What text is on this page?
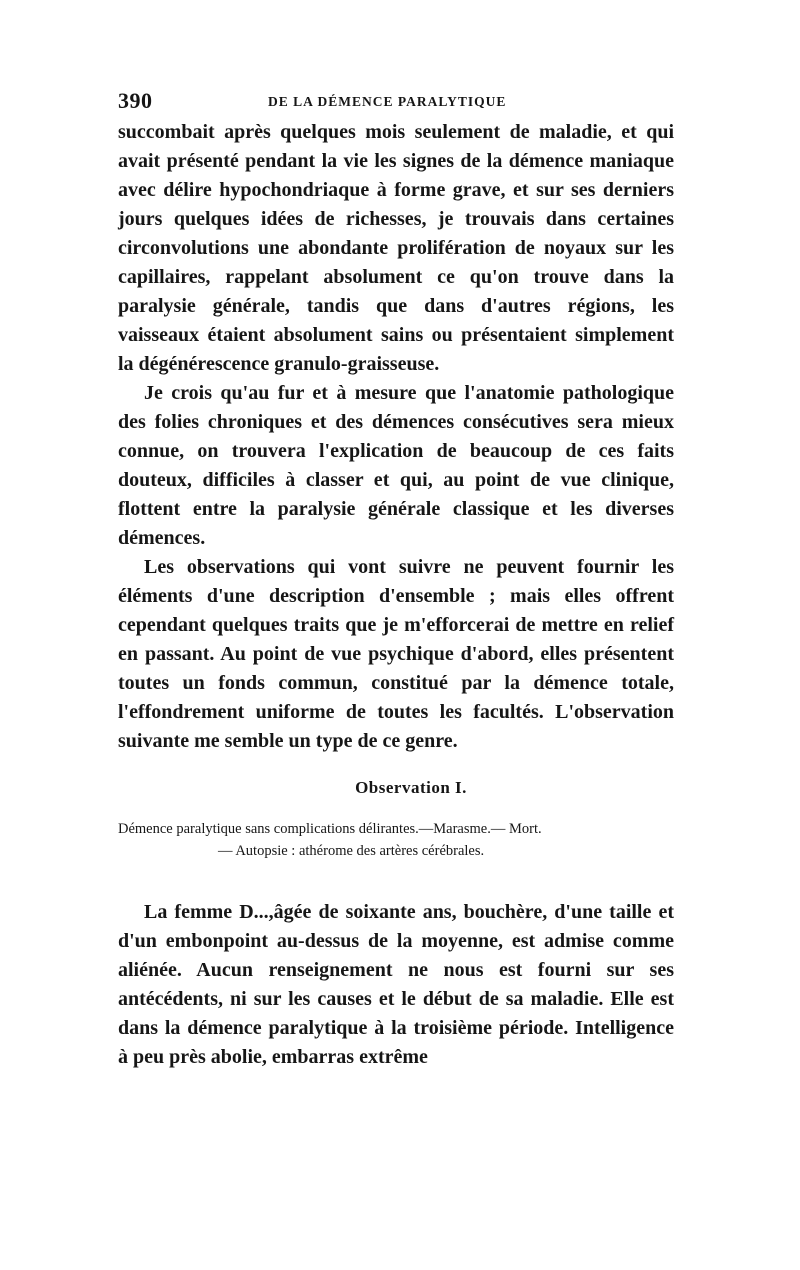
390	DE LA DÉMENCE PARALYTIQUE

succombait après quelques mois seulement de maladie, et qui avait présenté pendant la vie les signes de la démence maniaque avec délire hypochondriaque à forme grave, et sur ses derniers jours quelques idées de richesses, je trouvais dans certaines circonvolutions une abondante prolifération de noyaux sur les capillaires, rappelant absolument ce qu'on trouve dans la paralysie générale, tandis que dans d'autres régions, les vaisseaux étaient absolument sains ou présentaient simplement la dégénérescence granulo-graisseuse.

Je crois qu'au fur et à mesure que l'anatomie pathologique des folies chroniques et des démences consécutives sera mieux connue, on trouvera l'explication de beaucoup de ces faits douteux, difficiles à classer et qui, au point de vue clinique, flottent entre la paralysie générale classique et les diverses démences.

Les observations qui vont suivre ne peuvent fournir les éléments d'une description d'ensemble ; mais elles offrent cependant quelques traits que je m'efforcerai de mettre en relief en passant. Au point de vue psychique d'abord, elles présentent toutes un fonds commun, constitué par la démence totale, l'effondrement uniforme de toutes les facultés. L'observation suivante me semble un type de ce genre.

Observation I.

Démence paralytique sans complications délirantes.—Marasme.— Mort.
— Autopsie : athérome des artères cérébrales.

La femme D...,âgée de soixante ans, bouchère, d'une taille et d'un embonpoint au-dessus de la moyenne, est admise comme aliénée. Aucun renseignement ne nous est fourni sur ses antécédents, ni sur les causes et le début de sa maladie. Elle est dans la démence paralytique à la troisième période. Intelligence à peu près abolie, embarras extrême
